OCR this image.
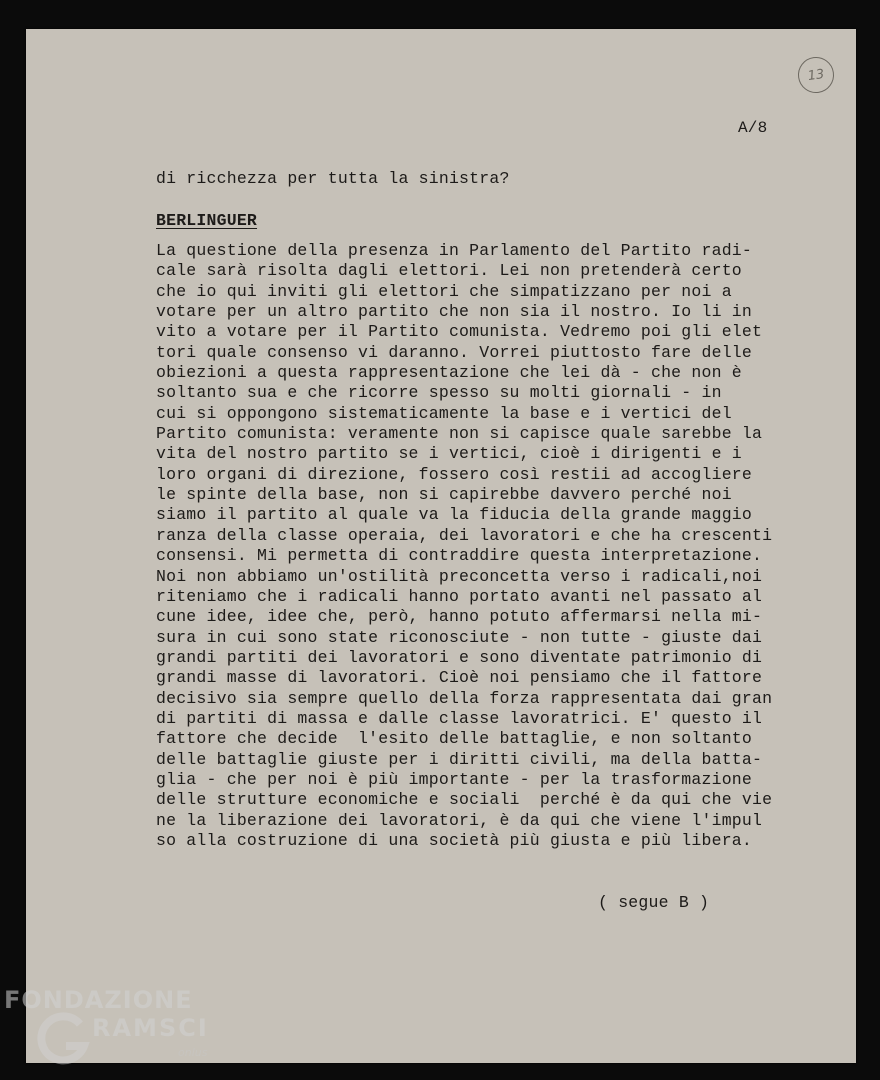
13
A/8
di ricchezza per tutta la sinistra?
BERLINGUER
La questione della presenza in Parlamento del Partito radi-
cale sarà risolta dagli elettori. Lei non pretenderà certo
che io qui inviti gli elettori che simpatizzano per noi a
votare per un altro partito che non sia il nostro. Io li in
vito a votare per il Partito comunista. Vedremo poi gli elet
tori quale consenso vi daranno. Vorrei piuttosto fare delle
obiezioni a questa rappresentazione che lei dà - che non è
soltanto sua e che ricorre spesso su molti giornali - in
cui si oppongono sistematicamente la base e i vertici del
Partito comunista: veramente non si capisce quale sarebbe la
vita del nostro partito se i vertici, cioè i dirigenti e i
loro organi di direzione, fossero così restii ad accogliere
le spinte della base, non si capirebbe davvero perché noi
siamo il partito al quale va la fiducia della grande maggio
ranza della classe operaia, dei lavoratori e che ha crescenti
consensi. Mi permetta di contraddire questa interpretazione.
Noi non abbiamo un'ostilità preconcetta verso i radicali,noi
riteniamo che i radicali hanno portato avanti nel passato al
cune idee, idee che, però, hanno potuto affermarsi nella mi-
sura in cui sono state riconosciute - non tutte - giuste dai
grandi partiti dei lavoratori e sono diventate patrimonio di
grandi masse di lavoratori. Cioè noi pensiamo che il fattore
decisivo sia sempre quello della forza rappresentata dai gran
di partiti di massa e dalle classe lavoratrici. E' questo il
fattore che decide  l'esito delle battaglie, e non soltanto
delle battaglie giuste per i diritti civili, ma della batta-
glia - che per noi è più importante - per la trasformazione
delle strutture economiche e sociali  perché è da qui che vie
ne la liberazione dei lavoratori, è da qui che viene l'impul
so alla costruzione di una società più giusta e più libera.
( segue B )
FONDAZIONE
RAMSCI
onlus
